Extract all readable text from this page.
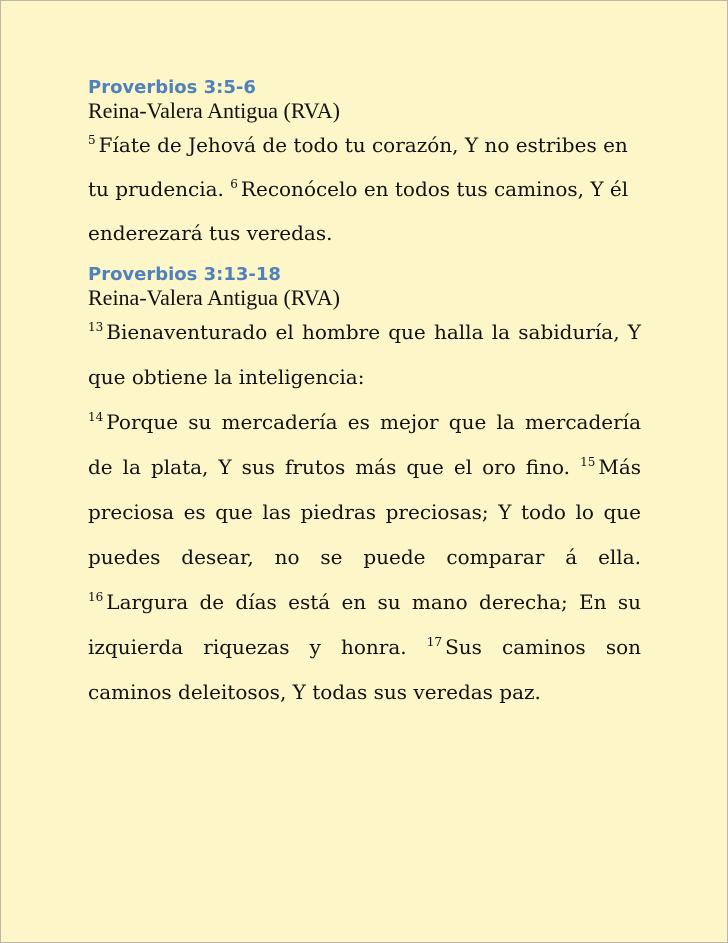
Proverbios 3:5-6

Reina-Valera Antigua (RVA)

$^5$ Fíate de Jehová de todo tu corazón, Y no estribes en tu prudencia. $^6$ Reconócelo en todos tus caminos, Y él enderezará tus veredas.

Proverbios 3:13-18

Reina-Valera Antigua (RVA)

$^{13}$ Bienaventurado el hombre que halla la sabiduría, Y que obtiene la inteligencia:
$^{14}$ Porque su mercadería es mejor que la mercadería de la plata, Y sus frutos más que el oro fino. $^{15}$ Más preciosa es que las piedras preciosas; Y todo lo que puedes desear, no se puede comparar á ella. $^{16}$ Largura de días está en su mano derecha; En su izquierda riquezas y honra. $^{17}$ Sus caminos son caminos deleitosos, Y todas sus veredas paz.
